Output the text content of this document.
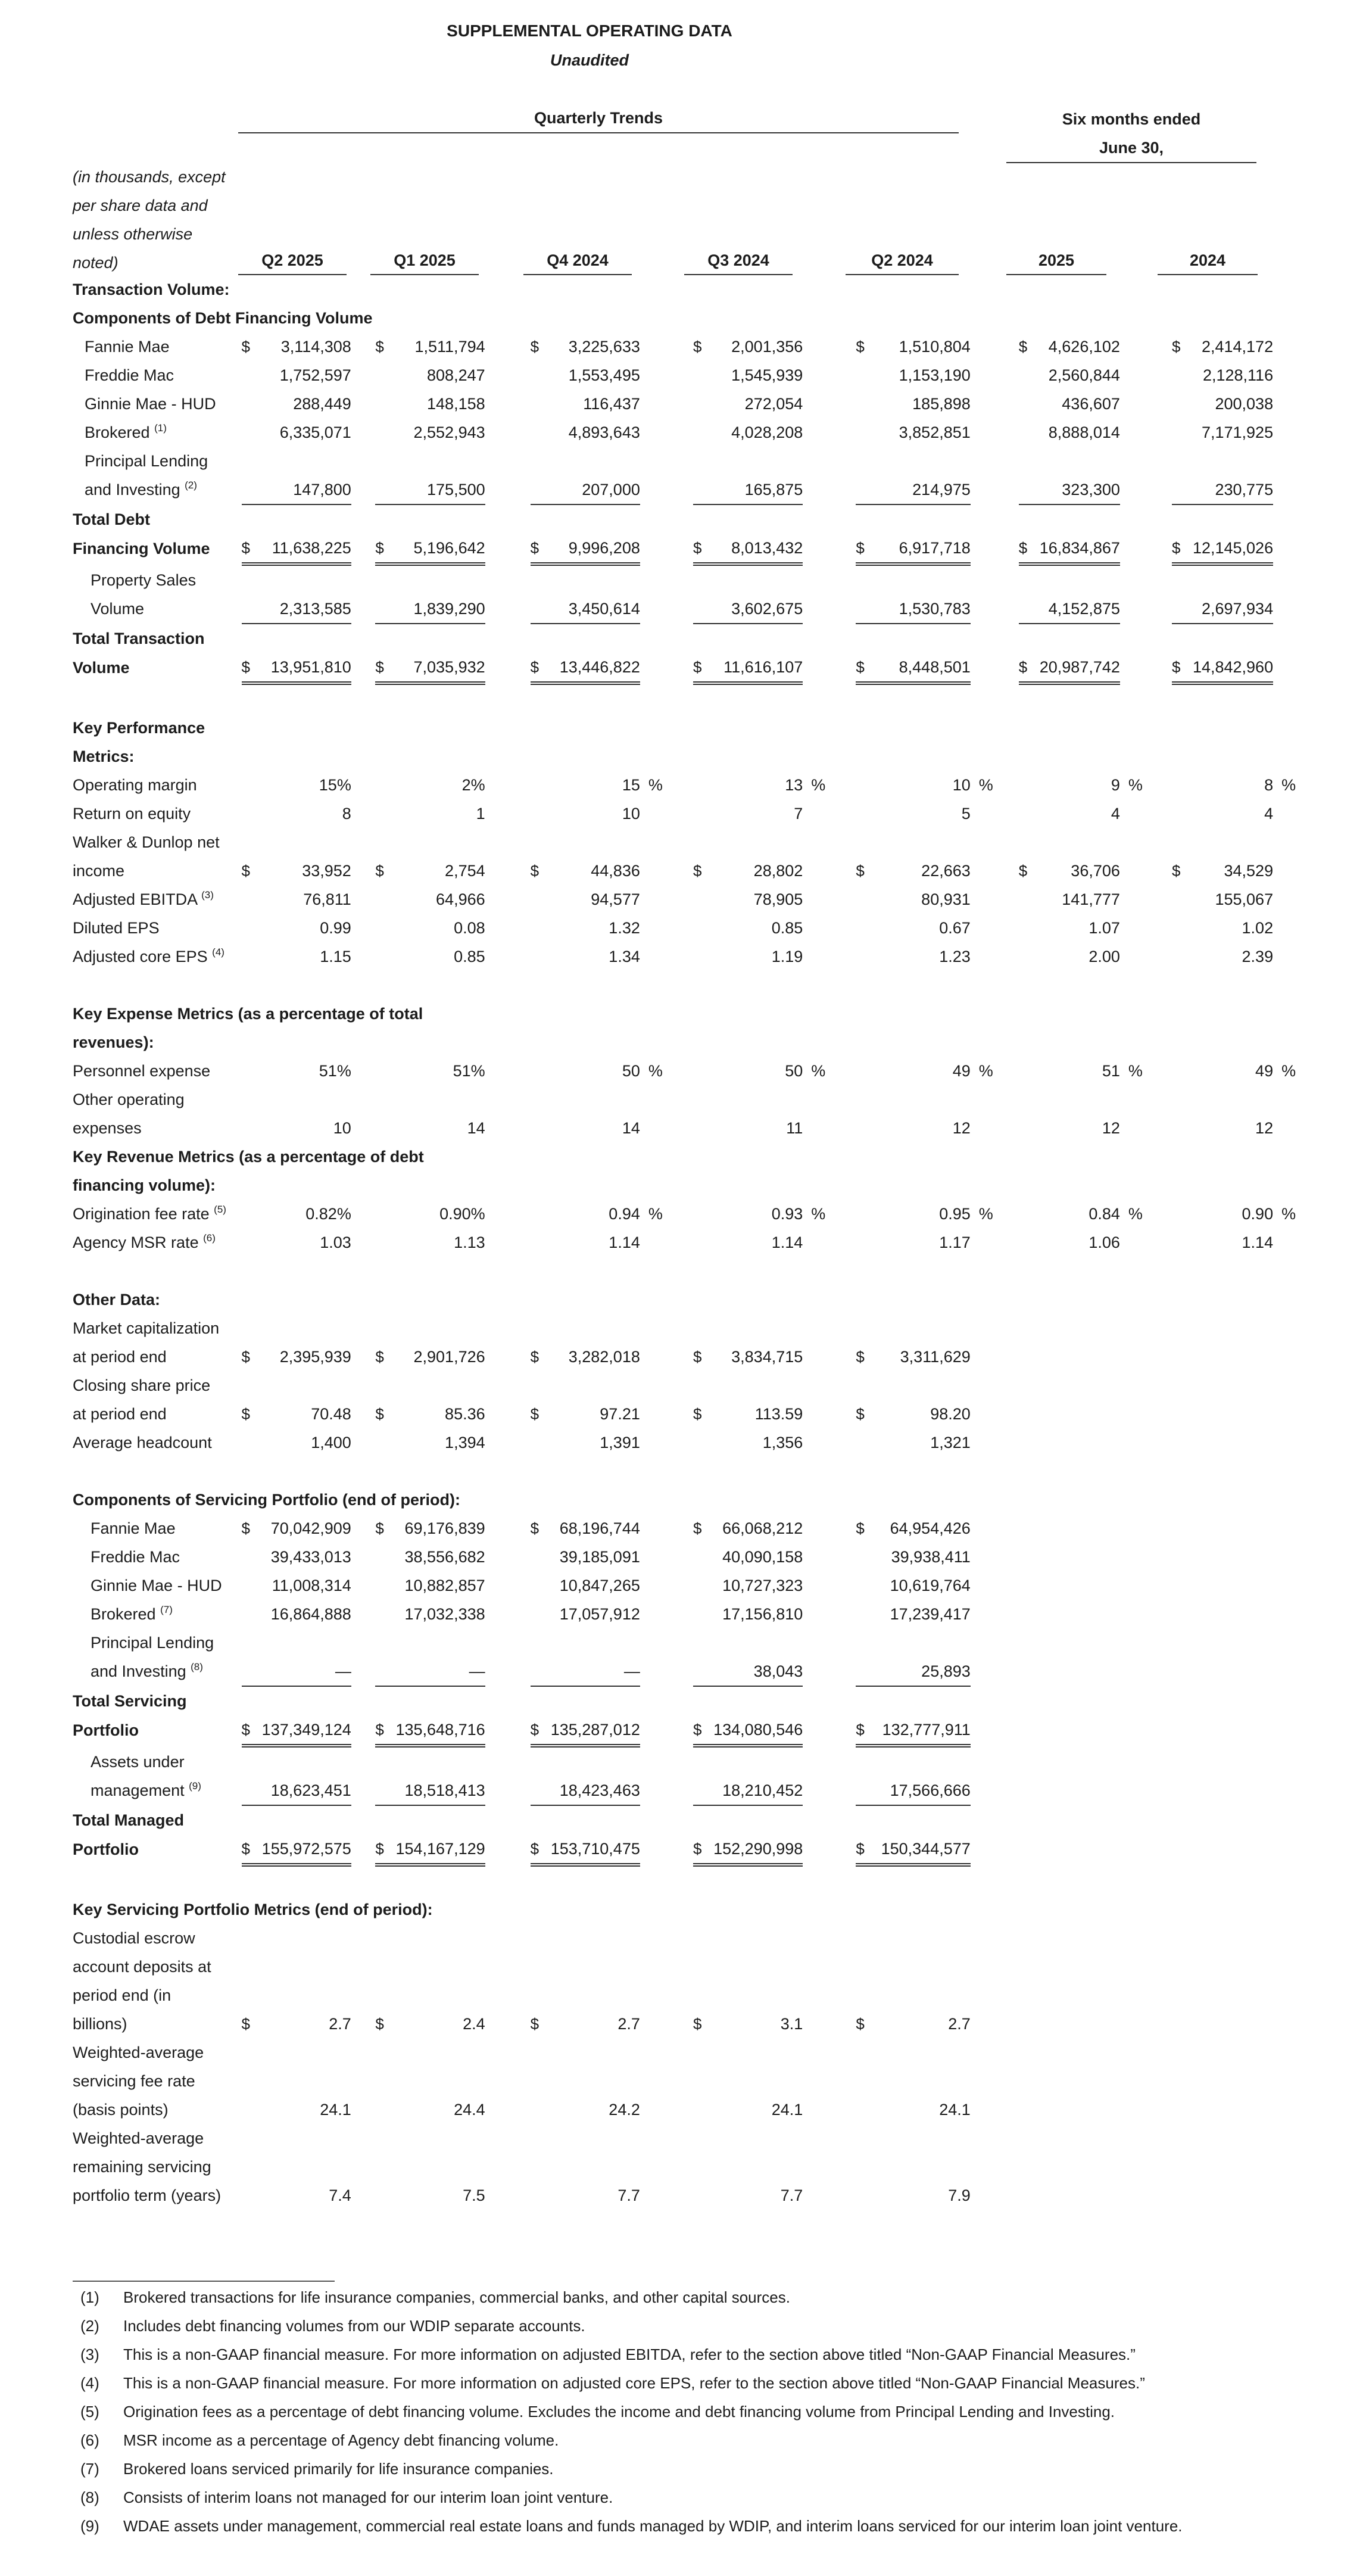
SUPPLEMENTAL OPERATING DATA
Unaudited
Quarterly Trends	Six months ended
June 30,
(in thousands, except
per share data and
unless otherwise
noted)	Q2 2025	Q1 2025	Q4 2024	Q3 2024	Q2 2024	2025	2024
Transaction Volume:																					
Components of Debt Financing Volume																					
Fannie Mae	$	3,114,308		$	1,511,794		$	3,225,633		$	2,001,356		$	1,510,804		$	4,626,102		$	2,414,172	
Freddie Mac		1,752,597			808,247			1,553,495			1,545,939			1,153,190			2,560,844			2,128,116	
Ginnie Mae - HUD		288,449			148,158			116,437			272,054			185,898			436,607			200,038	
Brokered $^{(1)}$		6,335,071			2,552,943			4,893,643			4,028,208			3,852,851			8,888,014			7,171,925	
Principal Lending																					
and Investing $^{(2)}$		147,800			175,500			207,000			165,875			214,975			323,300			230,775	
Total Debt																					
Financing Volume	$	11,638,225		$	5,196,642		$	9,996,208		$	8,013,432		$	6,917,718		$	16,834,867		$	12,145,026	
Property Sales																					
Volume		2,313,585			1,839,290			3,450,614			3,602,675			1,530,783			4,152,875			2,697,934	
Total Transaction																					
Volume	$	13,951,810		$	7,035,932		$	13,446,822		$	11,616,107		$	8,448,501		$	20,987,742		$	14,842,960	

Key Performance																					
Metrics:																					
Operating margin		15%			2%			15	%		13	%		10	%		9	%		8	%
Return on equity		8			1			10			7			5			4			4	
Walker & Dunlop net																					
income	$	33,952		$	2,754		$	44,836		$	28,802		$	22,663		$	36,706		$	34,529	
Adjusted EBITDA $^{(3)}$		76,811			64,966			94,577			78,905			80,931			141,777			155,067	
Diluted EPS		0.99			0.08			1.32			0.85			0.67			1.07			1.02	
Adjusted core EPS $^{(4)}$		1.15			0.85			1.34			1.19			1.23			2.00			2.39	

Key Expense Metrics (as a percentage of total																					
revenues):																					
Personnel expense		51%			51%			50	%		50	%		49	%		51	%		49	%
Other operating																					
expenses		10			14			14			11			12			12			12	
Key Revenue Metrics (as a percentage of debt																					
financing volume):																					
Origination fee rate $^{(5)}$		0.82%			0.90%			0.94	%		0.93	%		0.95	%		0.84	%		0.90	%
Agency MSR rate $^{(6)}$		1.03			1.13			1.14			1.14			1.17			1.06			1.14	

Other Data:																					
Market capitalization																					
at period end	$	2,395,939		$	2,901,726		$	3,282,018		$	3,834,715		$	3,311,629							
Closing share price																					
at period end	$	70.48		$	85.36		$	97.21		$	113.59		$	98.20							
Average headcount		1,400			1,394			1,391			1,356			1,321							

Components of Servicing Portfolio (end of period):																					
Fannie Mae	$	70,042,909		$	69,176,839		$	68,196,744		$	66,068,212		$	64,954,426							
Freddie Mac		39,433,013			38,556,682			39,185,091			40,090,158			39,938,411							
Ginnie Mae - HUD		11,008,314			10,882,857			10,847,265			10,727,323			10,619,764							
Brokered $^{(7)}$		16,864,888			17,032,338			17,057,912			17,156,810			17,239,417							
Principal Lending																					
and Investing $^{(8)}$		—			—			—			38,043			25,893							
Total Servicing																					
Portfolio	$	137,349,124		$	135,648,716		$	135,287,012		$	134,080,546		$	132,777,911							
Assets under																					
management $^{(9)}$		18,623,451			18,518,413			18,423,463			18,210,452			17,566,666							
Total Managed																					
Portfolio	$	155,972,575		$	154,167,129		$	153,710,475		$	152,290,998		$	150,344,577							

Key Servicing Portfolio Metrics (end of period):																					
Custodial escrow																					
account deposits at																					
period end (in																					
billions)	$	2.7		$	2.4		$	2.7		$	3.1		$	2.7							
Weighted-average																					
servicing fee rate																					
(basis points)		24.1			24.4			24.2			24.1			24.1							
Weighted-average																					
remaining servicing																					
portfolio term (years)		7.4			7.5			7.7			7.7			7.9							
(1) Brokered transactions for life insurance companies, commercial banks, and other capital sources.
(2) Includes debt financing volumes from our WDIP separate accounts.
(3) This is a non-GAAP financial measure. For more information on adjusted EBITDA, refer to the section above titled “Non-GAAP Financial Measures.”
(4) This is a non-GAAP financial measure. For more information on adjusted core EPS, refer to the section above titled “Non-GAAP Financial Measures.”
(5) Origination fees as a percentage of debt financing volume. Excludes the income and debt financing volume from Principal Lending and Investing.
(6) MSR income as a percentage of Agency debt financing volume.
(7) Brokered loans serviced primarily for life insurance companies.
(8) Consists of interim loans not managed for our interim loan joint venture.
(9) WDAE assets under management, commercial real estate loans and funds managed by WDIP, and interim loans serviced for our interim loan joint venture.
